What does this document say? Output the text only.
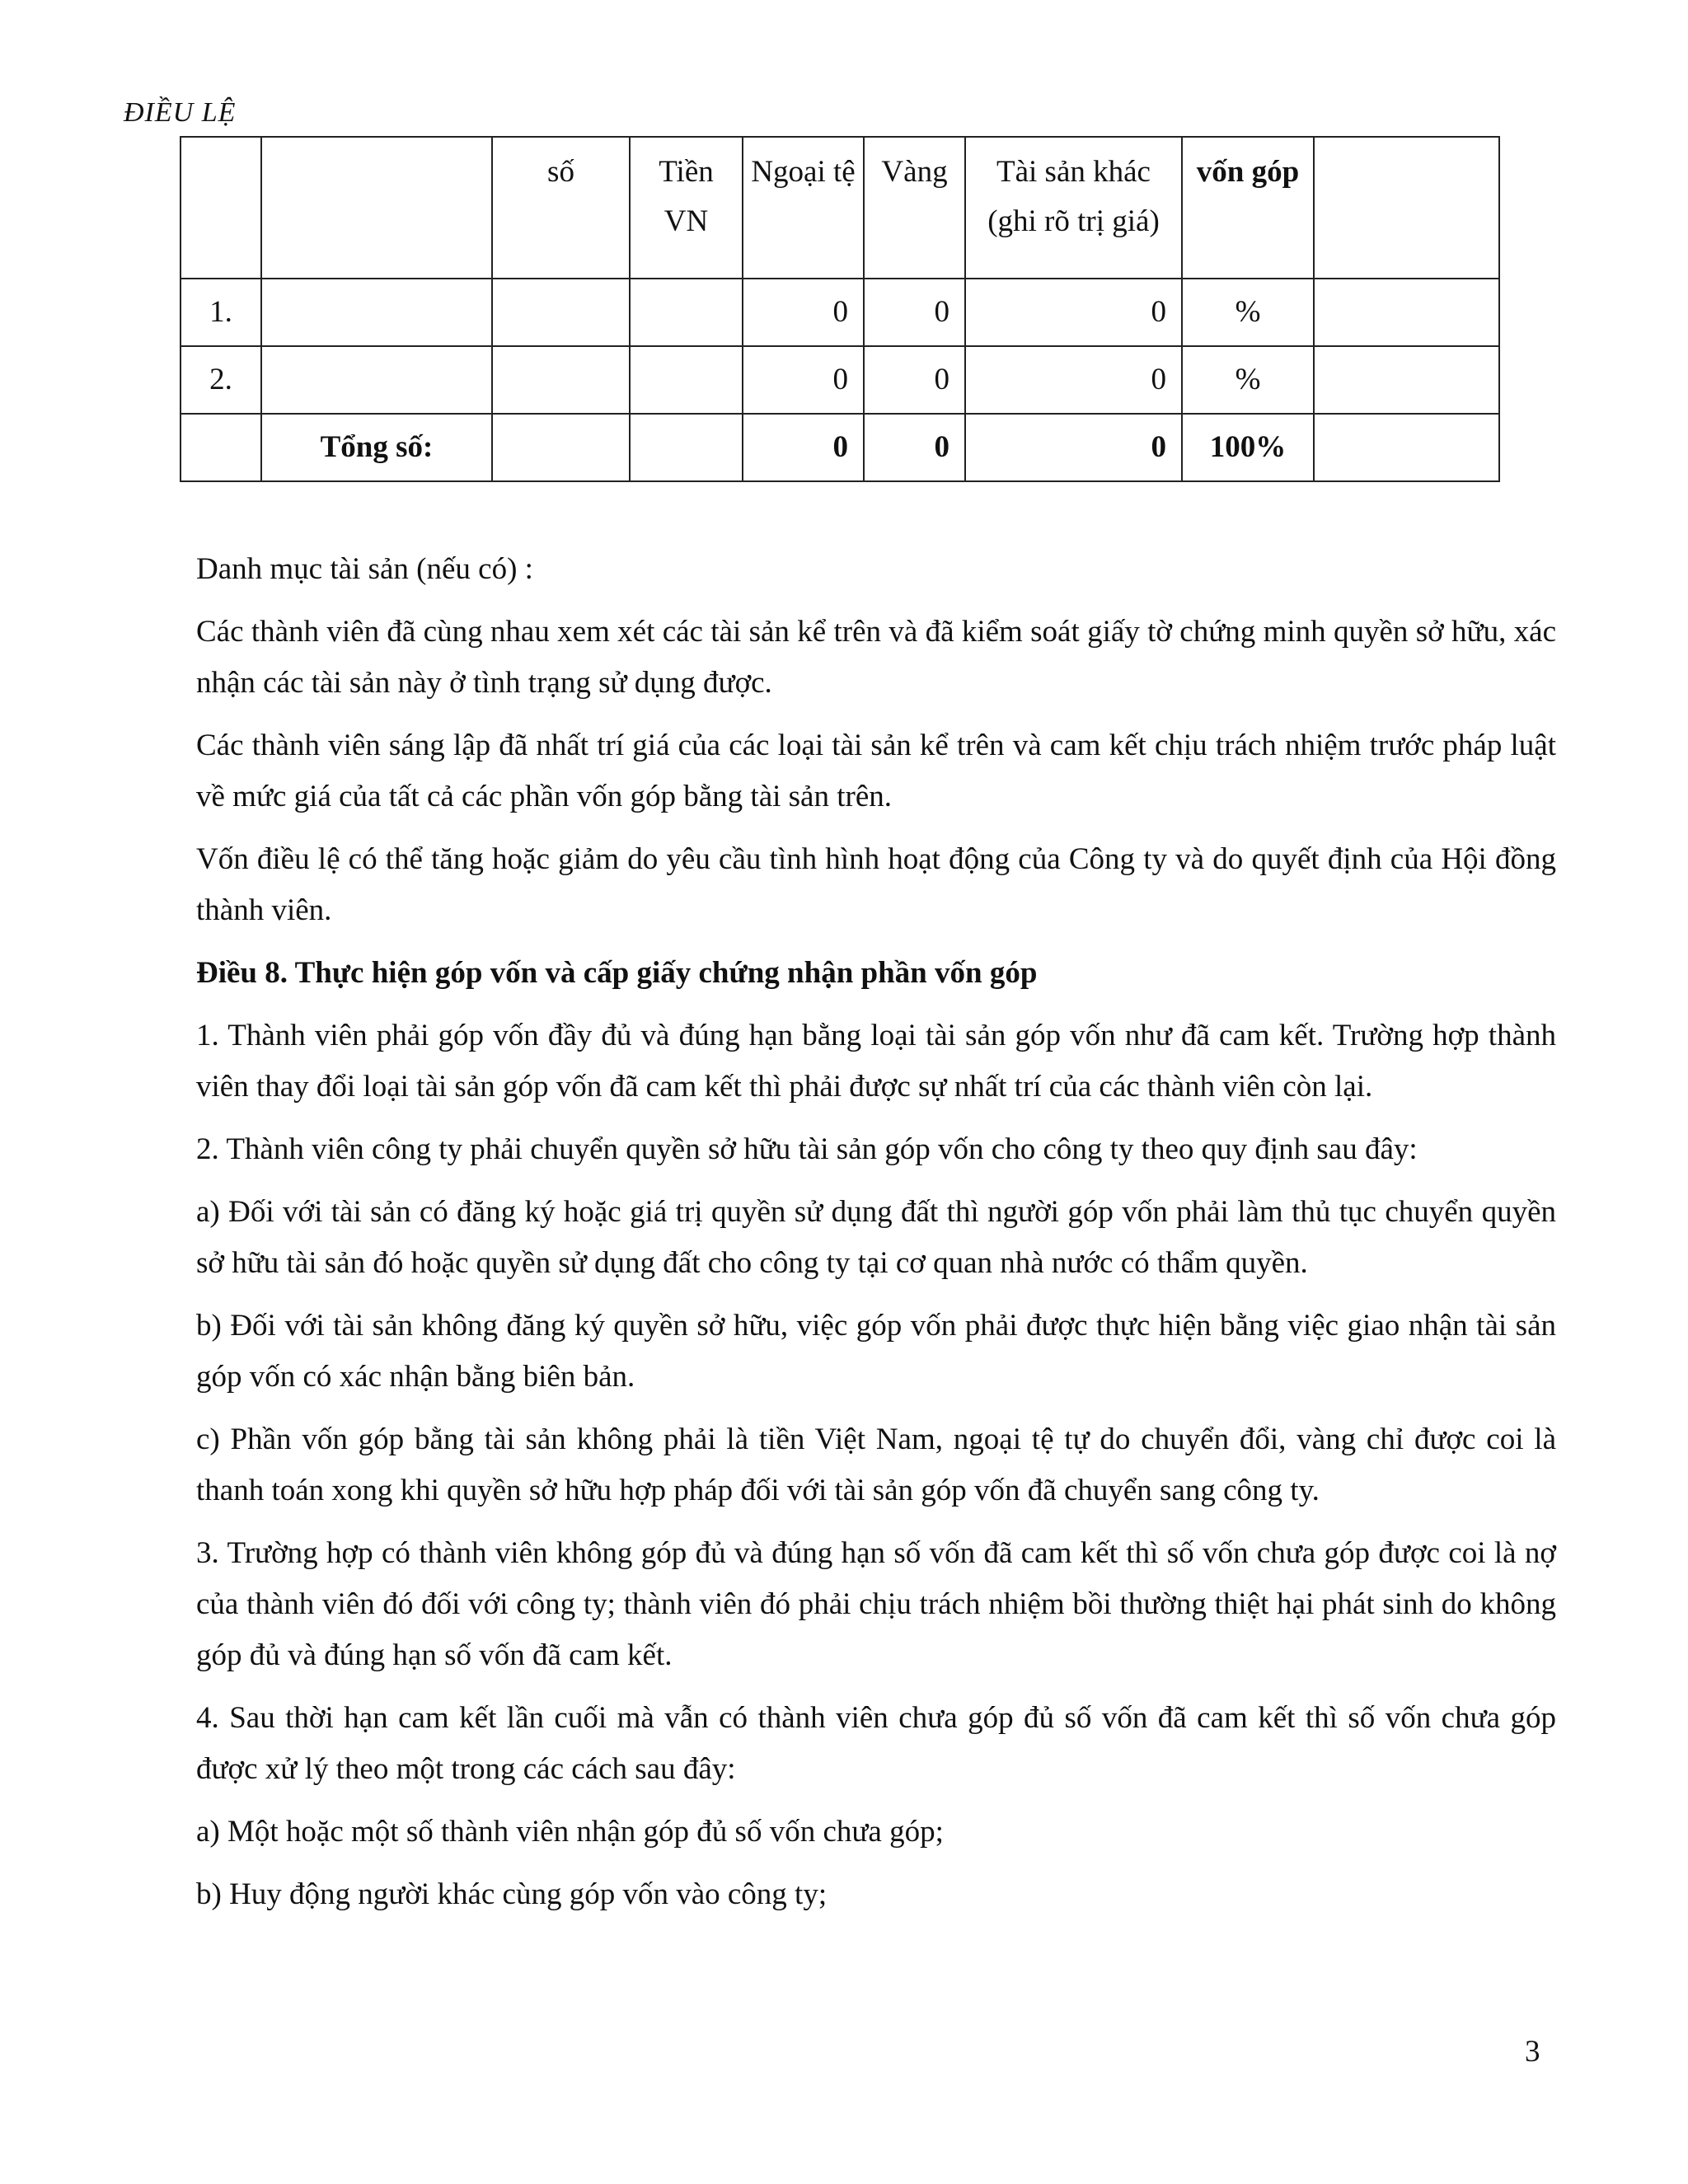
ĐIỀU LỆ
		số	Tiền VN	Ngoại tệ	Vàng	Tài sản khác (ghi rõ trị giá)	vốn góp	
1.				0	0	0	%	
2.				0	0	0	%	
	Tổng số:			0	0	0	100%	

Danh mục tài sản (nếu có) :

Các thành viên đã cùng nhau xem xét các tài sản kể trên và đã kiểm soát giấy tờ chứng minh quyền sở hữu, xác nhận các tài sản này ở tình trạng sử dụng được.

Các thành viên sáng lập đã nhất trí giá của các loại tài sản kể trên và cam kết chịu trách nhiệm trước pháp luật về mức giá của tất cả các phần vốn góp bằng tài sản trên.

Vốn điều lệ có thể tăng hoặc giảm do yêu cầu tình hình hoạt động của Công ty và do quyết định của Hội đồng thành viên.

Điều 8. Thực hiện góp vốn và cấp giấy chứng nhận phần vốn góp

1. Thành viên phải góp vốn đầy đủ và đúng hạn bằng loại tài sản góp vốn như đã cam kết. Trường hợp thành viên thay đổi loại tài sản góp vốn đã cam kết thì phải được sự nhất trí của các thành viên còn lại.

2. Thành viên công ty phải chuyển quyền sở hữu tài sản góp vốn cho công ty theo quy định sau đây:

a) Đối với tài sản có đăng ký hoặc giá trị quyền sử dụng đất thì người góp vốn phải làm thủ tục chuyển quyền sở hữu tài sản đó hoặc quyền sử dụng đất cho công ty tại cơ quan nhà nước có thẩm quyền.

b) Đối với tài sản không đăng ký quyền sở hữu, việc góp vốn phải được thực hiện bằng việc giao nhận tài sản góp vốn có xác nhận bằng biên bản.

c) Phần vốn góp bằng tài sản không phải là tiền Việt Nam, ngoại tệ tự do chuyển đổi, vàng chỉ được coi là thanh toán xong khi quyền sở hữu hợp pháp đối với tài sản góp vốn đã chuyển sang công ty.

3. Trường hợp có thành viên không góp đủ và đúng hạn số vốn đã cam kết thì số vốn chưa góp được coi là nợ của thành viên đó đối với công ty; thành viên đó phải chịu trách nhiệm bồi thường thiệt hại phát sinh do không góp đủ và đúng hạn số vốn đã cam kết.

4. Sau thời hạn cam kết lần cuối mà vẫn có thành viên chưa góp đủ số vốn đã cam kết thì số vốn chưa góp được xử lý theo một trong các cách sau đây:

a) Một hoặc một số thành viên nhận góp đủ số vốn chưa góp;

b) Huy động người khác cùng góp vốn vào công ty;

3
